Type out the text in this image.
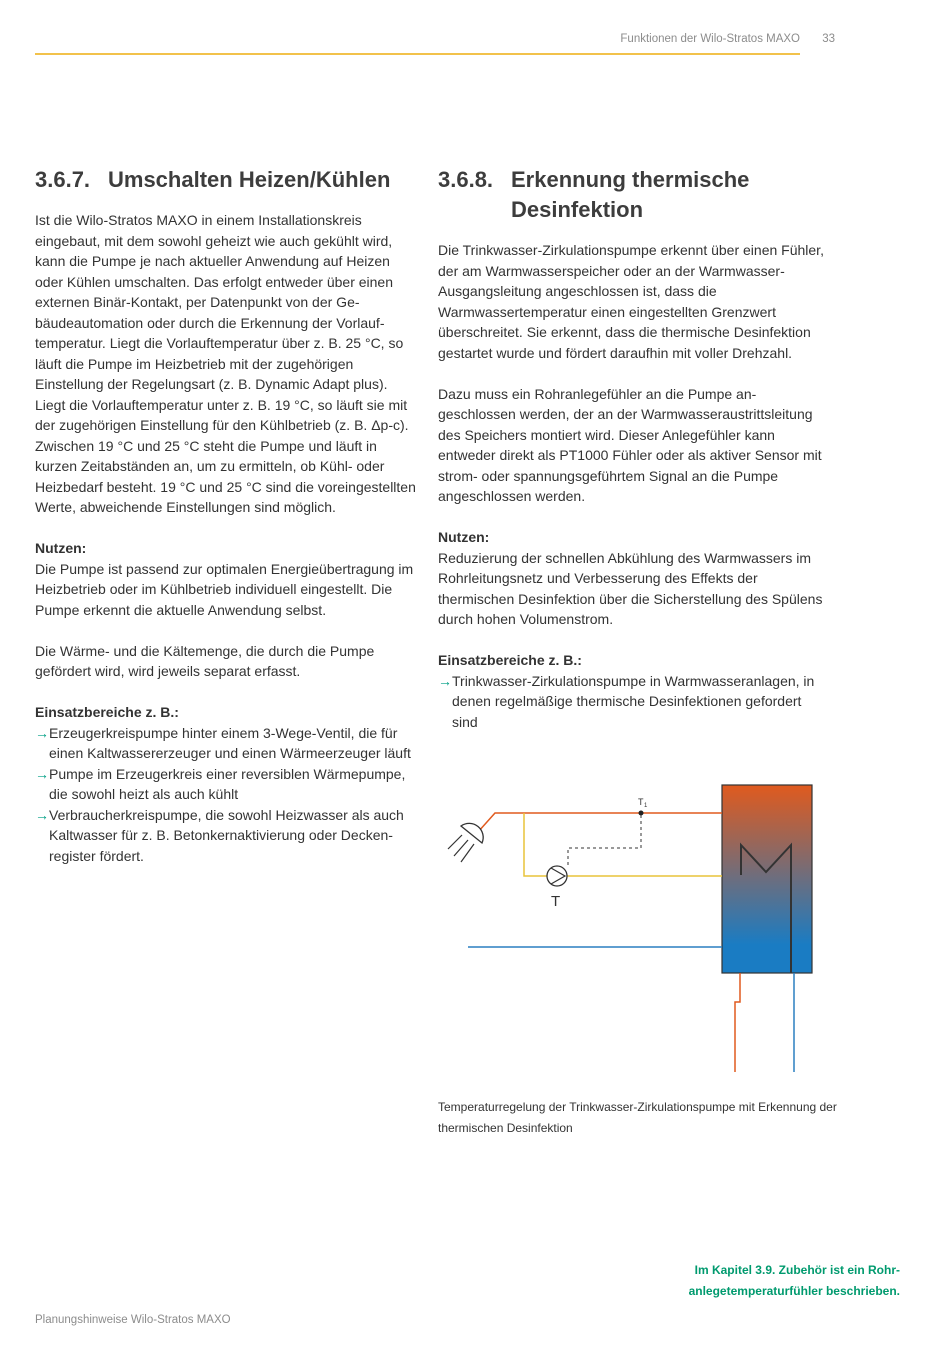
Funktionen der Wilo-Stratos MAXO	33
3.6.7. Umschalten Heizen/Kühlen

Ist die Wilo-Stratos MAXO in einem Installationskreis eingebaut, mit dem sowohl geheizt wie auch gekühlt wird, kann die Pumpe je nach aktueller Anwendung auf Heizen oder Kühlen umschalten. Das erfolgt entweder über einen externen Binär-Kontakt, per Datenpunkt von der Gebäudeautomation oder durch die Erkennung der Vorlauftemperatur. Liegt die Vorlauftemperatur über z. B. 25 °C, so läuft die Pumpe im Heizbetrieb mit der zugehörigen Einstellung der Regelungsart (z. B. Dynamic Adapt plus). Liegt die Vorlauftemperatur unter z. B. 19 °C, so läuft sie mit der zugehörigen Einstellung für den Kühlbetrieb (z. B. Δp-c). Zwischen 19 °C und 25 °C steht die Pumpe und läuft in kurzen Zeitabständen an, um zu ermitteln, ob Kühl- oder Heizbedarf besteht. 19 °C und 25 °C sind die voreingestellten Werte, abweichende Einstellungen sind möglich.

Nutzen:

Die Pumpe ist passend zur optimalen Energieübertragung im Heizbetrieb oder im Kühlbetrieb individuell eingestellt. Die Pumpe erkennt die aktuelle Anwendung selbst.

Die Wärme- und die Kältemenge, die durch die Pumpe gefördert wird, wird jeweils separat erfasst.

Einsatzbereiche z. B.:

→ Erzeugerkreispumpe hinter einem 3-Wege-Ventil, die für einen Kaltwassererzeuger und einen Wärmeerzeuger läuft
→ Pumpe im Erzeugerkreis einer reversiblen Wärmepumpe, die sowohl heizt als auch kühlt
→ Verbraucherkreispumpe, die sowohl Heizwasser als auch Kaltwasser für z. B. Betonkernaktivierung oder Deckenregister fördert.
3.6.8. Erkennung thermische Desinfektion

Die Trinkwasser-Zirkulationspumpe erkennt über einen Fühler, der am Warmwasserspeicher oder an der Warmwasser-Ausgangsleitung angeschlossen ist, dass die Warmwassertemperatur einen eingestellten Grenzwert überschreitet. Sie erkennt, dass die thermische Desinfektion gestartet wurde und fördert daraufhin mit voller Drehzahl.

Dazu muss ein Rohranlegefühler an die Pumpe angeschlossen werden, der an der Warmwasseraustrittsleitung des Speichers montiert wird. Dieser Anlegefühler kann entweder direkt als PT1000 Fühler oder als aktiver Sensor mit strom- oder spannungsgeführtem Signal an die Pumpe angeschlossen werden.

Nutzen:

Reduzierung der schnellen Abkühlung des Warmwassers im Rohrleitungsnetz und Verbesserung des Effekts der thermischen Desinfektion über die Sicherstellung des Spülens durch hohen Volumenstrom.

Einsatzbereiche z. B.:

→ Trinkwasser-Zirkulationspumpe in Warmwasseranlagen, in denen regelmäßige thermische Desinfektionen gefordert sind
T 1
T
Temperaturregelung der Trinkwasser-Zirkulationspumpe mit Erkennung der thermischen Desinfektion
Im Kapitel 3.9. Zubehör ist ein Rohranlegetemperaturfühler beschrieben.
Planungshinweise Wilo-Stratos MAXO
